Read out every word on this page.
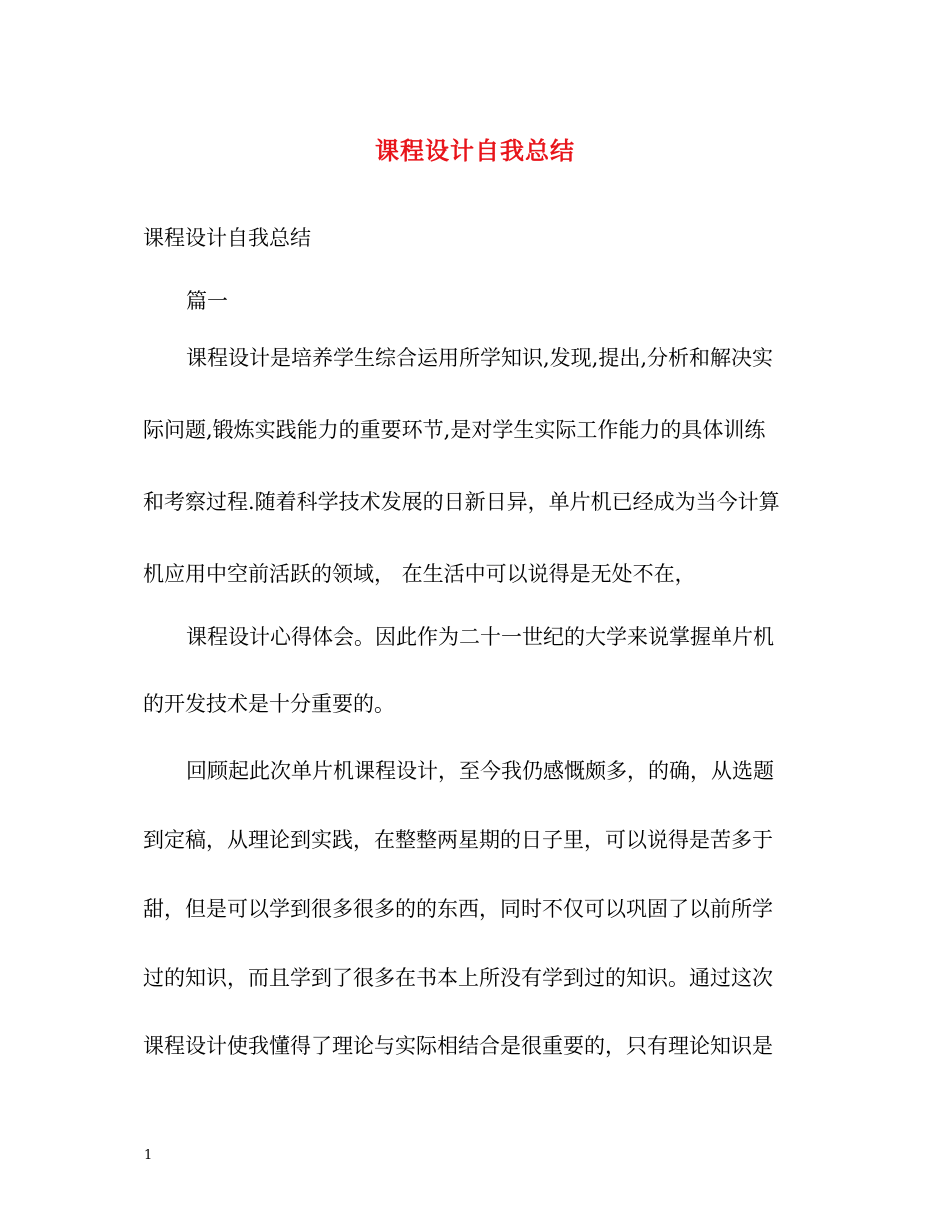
课程设计自我总结
课程设计自我总结
篇一
课程设计是培养学生综合运用所学知识,发现,提出,分析和解决实
际问题,锻炼实践能力的重要环节,是对学生实际工作能力的具体训练
和考察过程.随着科学技术发展的日新日异，单片机已经成为当今计算
机应用中空前活跃的领域， 在生活中可以说得是无处不在，
课程设计心得体会。因此作为二十一世纪的大学来说掌握单片机
的开发技术是十分重要的。
回顾起此次单片机课程设计，至今我仍感慨颇多，的确，从选题
到定稿，从理论到实践，在整整两星期的日子里，可以说得是苦多于
甜，但是可以学到很多很多的的东西，同时不仅可以巩固了以前所学
过的知识，而且学到了很多在书本上所没有学到过的知识。通过这次
课程设计使我懂得了理论与实际相结合是很重要的，只有理论知识是
1
